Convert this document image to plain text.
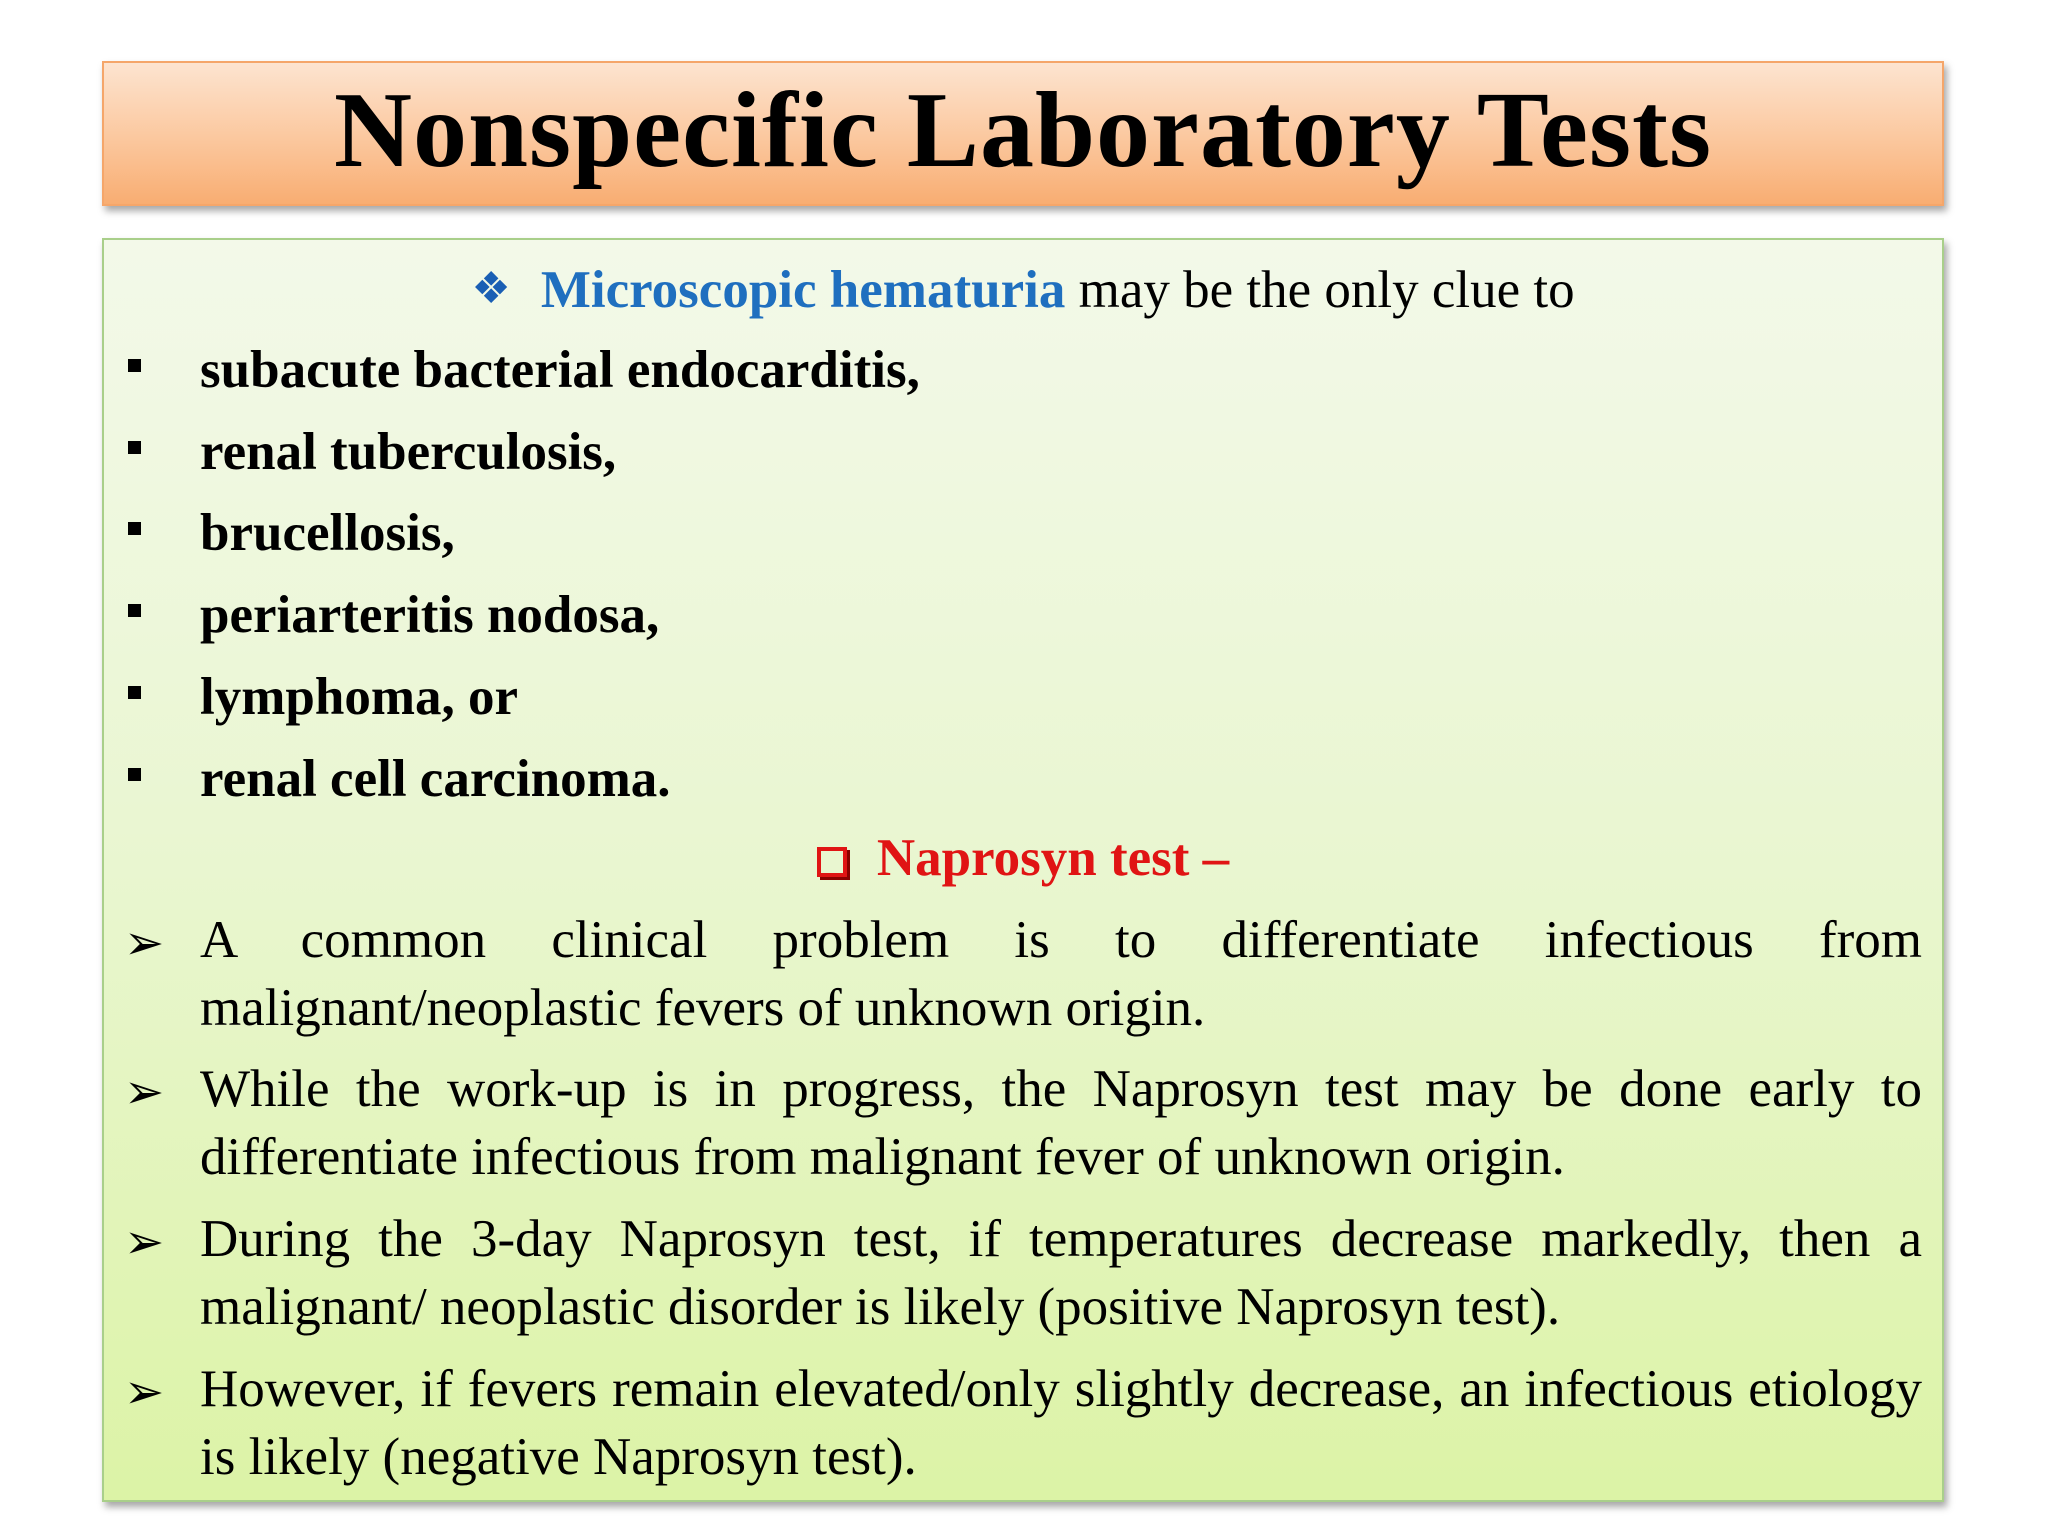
Nonspecific Laboratory Tests
❖ Microscopic hematuria may be the only clue to
subacute bacterial endocarditis,
renal tuberculosis,
brucellosis,
periarteritis nodosa,
lymphoma, or
renal cell carcinoma.
Naprosyn test –
➢ A common clinical problem is to differentiate infectious from malignant/neoplastic fevers of unknown origin.
➢ While the work-up is in progress, the Naprosyn test may be done early to differentiate infectious from malignant fever of unknown origin.
➢ During the 3-day Naprosyn test, if temperatures decrease markedly, then a malignant/ neoplastic disorder is likely (positive Naprosyn test).
➢ However, if fevers remain elevated/only slightly decrease, an infectious etiology is likely (negative Naprosyn test).
